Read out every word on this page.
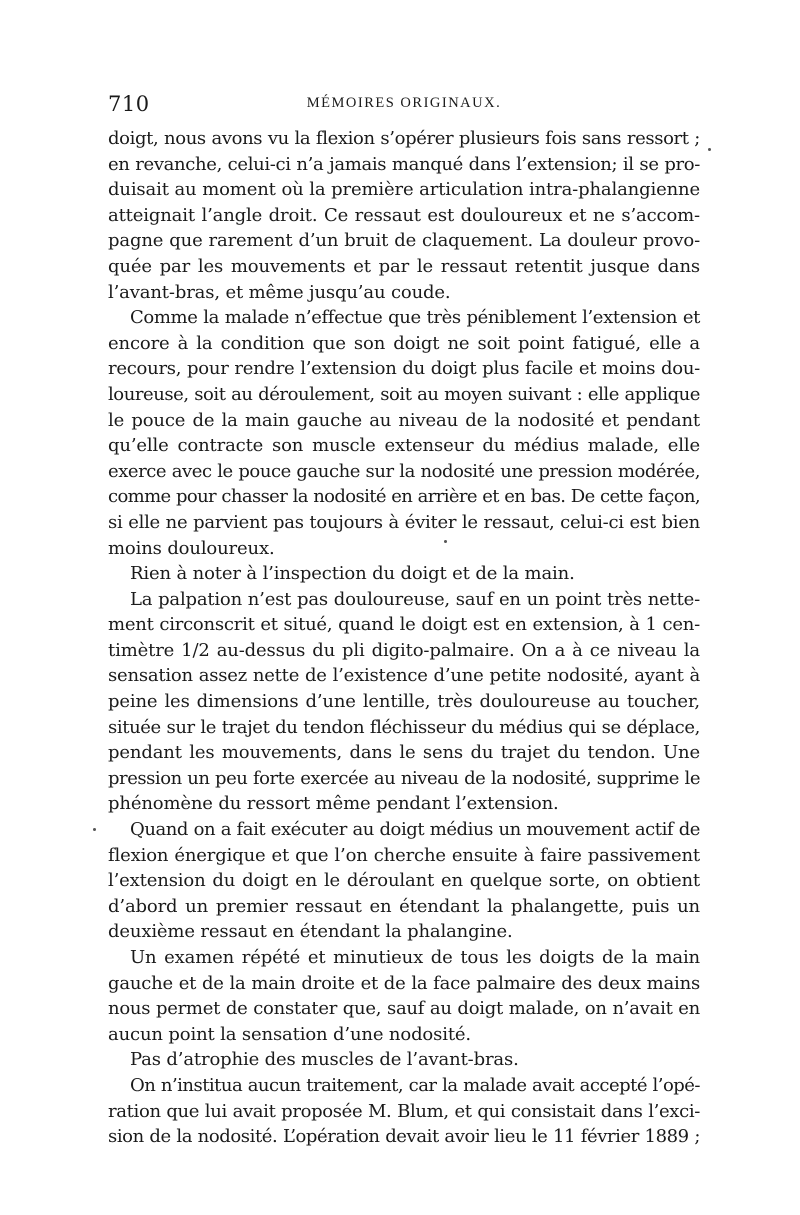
710	MÉMOIRES ORIGINAUX.
doigt, nous avons vu la flexion s’opérer plusieurs fois sans ressort ;
en revanche, celui-ci n’a jamais manqué dans l’extension; il se pro-
duisait au moment où la première articulation intra-phalangienne
atteignait l’angle droit. Ce ressaut est douloureux et ne s’accom-
pagne que rarement d’un bruit de claquement. La douleur provo-
quée par les mouvements et par le ressaut retentit jusque dans
l’avant-bras, et même jusqu’au coude.
Comme la malade n’effectue que très péniblement l’extension et
encore à la condition que son doigt ne soit point fatigué, elle a
recours, pour rendre l’extension du doigt plus facile et moins dou-
loureuse, soit au déroulement, soit au moyen suivant : elle applique
le pouce de la main gauche au niveau de la nodosité et pendant
qu’elle contracte son muscle extenseur du médius malade, elle
exerce avec le pouce gauche sur la nodosité une pression modérée,
comme pour chasser la nodosité en arrière et en bas. De cette façon,
si elle ne parvient pas toujours à éviter le ressaut, celui-ci est bien
moins douloureux.
Rien à noter à l’inspection du doigt et de la main.
La palpation n’est pas douloureuse, sauf en un point très nette-
ment circonscrit et situé, quand le doigt est en extension, à 1 cen-
timètre 1/2 au-dessus du pli digito-palmaire. On a à ce niveau la
sensation assez nette de l’existence d’une petite nodosité, ayant à
peine les dimensions d’une lentille, très douloureuse au toucher,
située sur le trajet du tendon fléchisseur du médius qui se déplace,
pendant les mouvements, dans le sens du trajet du tendon. Une
pression un peu forte exercée au niveau de la nodosité, supprime le
phénomène du ressort même pendant l’extension.
Quand on a fait exécuter au doigt médius un mouvement actif de
flexion énergique et que l’on cherche ensuite à faire passivement
l’extension du doigt en le déroulant en quelque sorte, on obtient
d’abord un premier ressaut en étendant la phalangette, puis un
deuxième ressaut en étendant la phalangine.
Un examen répété et minutieux de tous les doigts de la main
gauche et de la main droite et de la face palmaire des deux mains
nous permet de constater que, sauf au doigt malade, on n’avait en
aucun point la sensation d’une nodosité.
Pas d’atrophie des muscles de l’avant-bras.
On n’institua aucun traitement, car la malade avait accepté l’opé-
ration que lui avait proposée M. Blum, et qui consistait dans l’exci-
sion de la nodosité. L’opération devait avoir lieu le 11 février 1889 ;
